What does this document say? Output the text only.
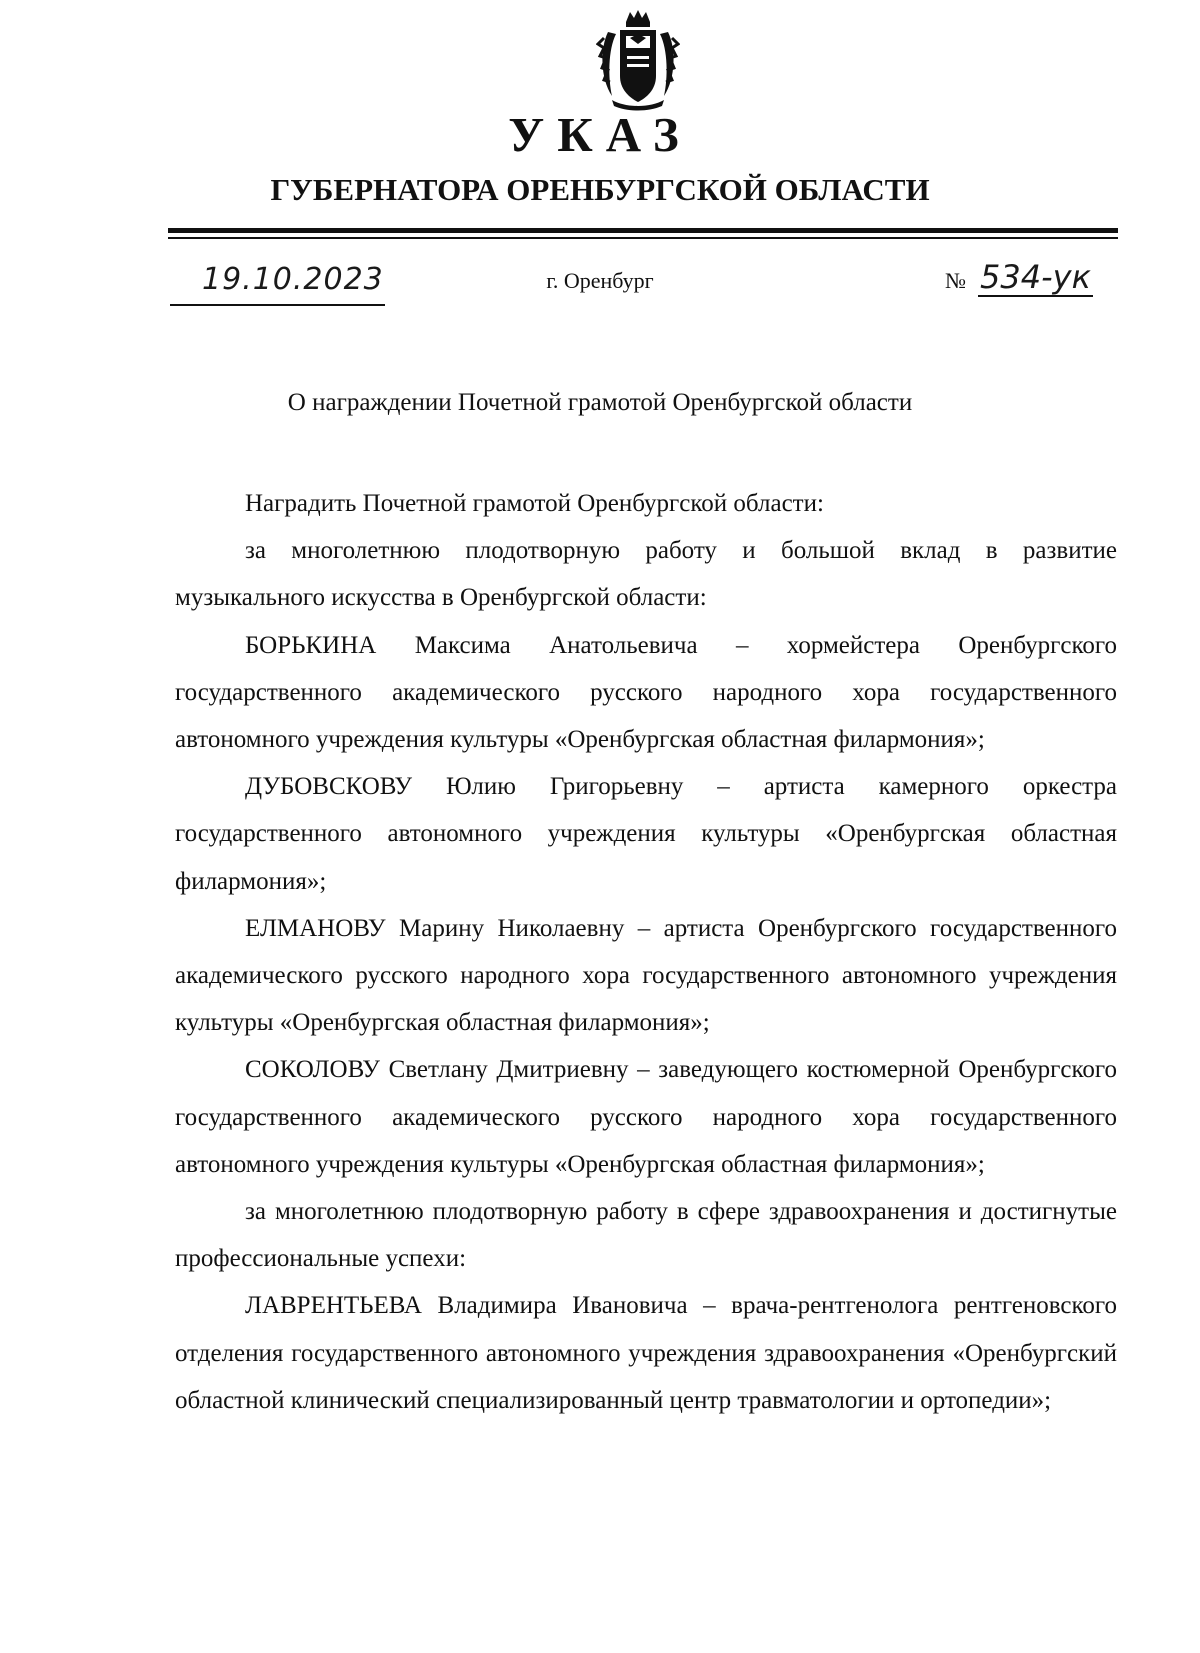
УКАЗ
ГУБЕРНАТОРА ОРЕНБУРГСКОЙ ОБЛАСТИ
19.10.2023	г. Оренбург	№ 534-ук
О награждении Почетной грамотой Оренбургской области

Наградить Почетной грамотой Оренбургской области:

за многолетнюю плодотворную работу и большой вклад в развитие музыкального искусства в Оренбургской области:

БОРЬКИНА Максима Анатольевича – хормейстера Оренбургского государственного академического русского народного хора государственного автономного учреждения культуры «Оренбургская областная филармония»;

ДУБОВСКОВУ Юлию Григорьевну – артиста камерного оркестра государственного автономного учреждения культуры «Оренбургская областная филармония»;

ЕЛМАНОВУ Марину Николаевну – артиста Оренбургского государственного академического русского народного хора государственного автономного учреждения культуры «Оренбургская областная филармония»;

СОКОЛОВУ Светлану Дмитриевну – заведующего костюмерной Оренбургского государственного академического русского народного хора государственного автономного учреждения культуры «Оренбургская областная филармония»;

за многолетнюю плодотворную работу в сфере здравоохранения и достигнутые профессиональные успехи:

ЛАВРЕНТЬЕВА Владимира Ивановича – врача-рентгенолога рентгеновского отделения государственного автономного учреждения здравоохранения «Оренбургский областной клинический специализированный центр травматологии и ортопедии»;
